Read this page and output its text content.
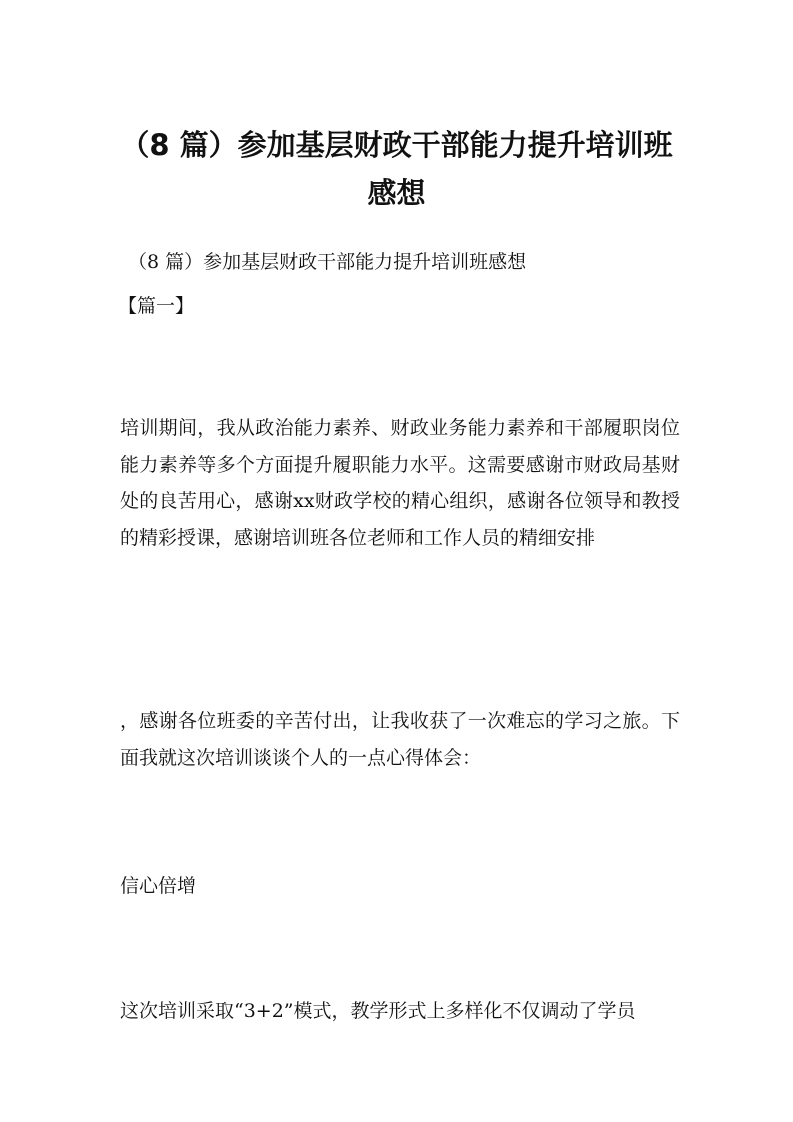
（8 篇）参加基层财政干部能力提升培训班
感想

（8 篇）参加基层财政干部能力提升培训班感想

【篇一】

培训期间，我从政治能力素养、财政业务能力素养和干部履职岗位能力素养等多个方面提升履职能力水平。这需要感谢市财政局基财处的良苦用心，感谢xx财政学校的精心组织，感谢各位领导和教授的精彩授课，感谢培训班各位老师和工作人员的精细安排

，感谢各位班委的辛苦付出，让我收获了一次难忘的学习之旅。下面我就这次培训谈谈个人的一点心得体会：

信心倍增

这次培训采取“3+2”模式，教学形式上多样化不仅调动了学员
